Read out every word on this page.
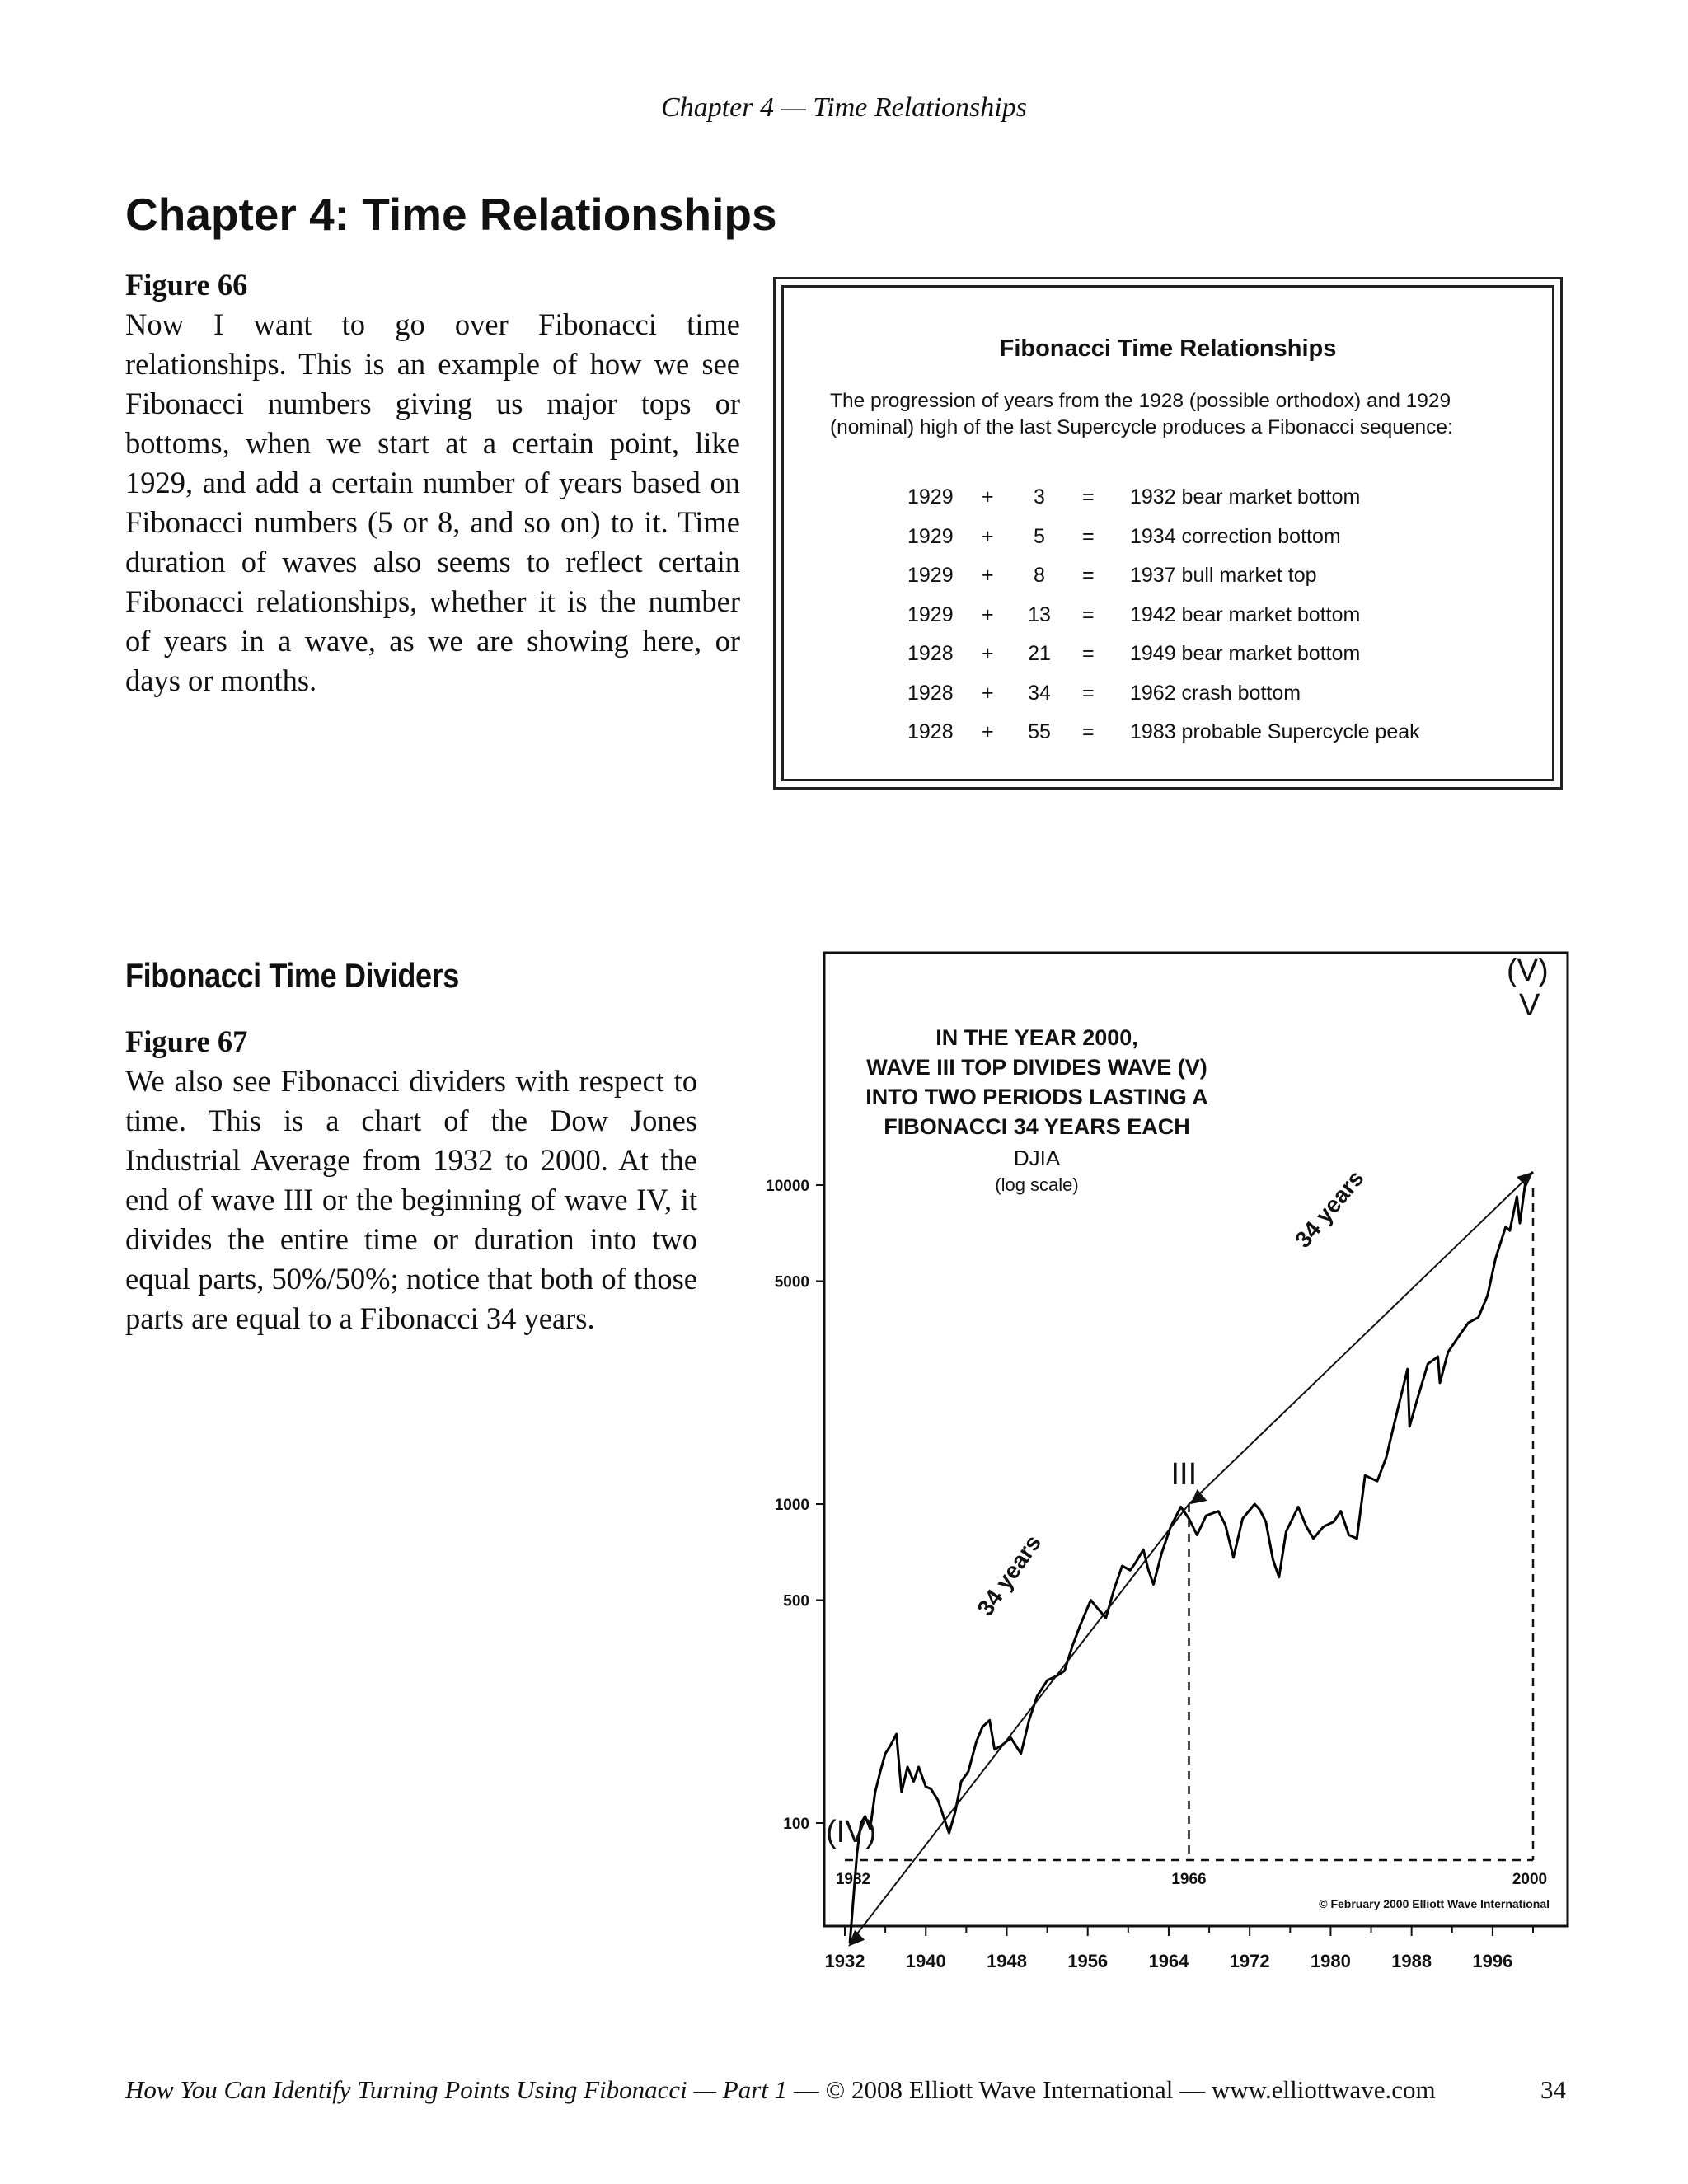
Chapter 4 — Time Relationships
Chapter 4: Time Relationships
Figure 66

Now I want to go over Fibonacci time relationships. This is an example of how we see Fibonacci numbers giving us major tops or bottoms, when we start at a certain point, like 1929, and add a certain number of years based on Fibonacci numbers (5 or 8, and so on) to it. Time duration of waves also seems to reflect certain Fibonacci relationships, whether it is the number of years in a wave, as we are showing here, or days or months.

Fibonacci Time Relationships

The progression of years from the 1928 (possible orthodox) and 1929 (nominal) high of the last Supercycle produces a Fibonacci sequence:

1929 +	3	= 1932 bear market bottom
1929 +	5	= 1934 correction bottom
1929 +	8	= 1937 bull market top
1929 +	13	= 1942 bear market bottom
1928 +	21	= 1949 bear market bottom
1928 +	34	= 1962 crash bottom
1928 +	55	= 1983 probable Supercycle peak
Fibonacci Time Dividers
Figure 67

We also see Fibonacci dividers with respect to time. This is a chart of the Dow Jones Industrial Average from 1932 to 2000. At the end of wave III or the beginning of wave IV, it divides the entire time or duration into two equal parts, 50%/50%; notice that both of those parts are equal to a Fibonacci 34 years.

100
500
1000
5000
10000
1932 1940 1948 1956 1964 1972 1980 1988 1996
IN THE YEAR 2000,
WAVE III TOP DIVIDES WAVE (V)
INTO TWO PERIODS LASTING A
FIBONACCI 34 YEARS EACH
DJIA
(log scale)
(IV)
III
(V)
V
1932	1966	2000
© February 2000 Elliott Wave International
34 years
34 years
How You Can Identify Turning Points Using Fibonacci — Part 1 — © 2008 Elliott Wave International — www.elliottwave.com	34
